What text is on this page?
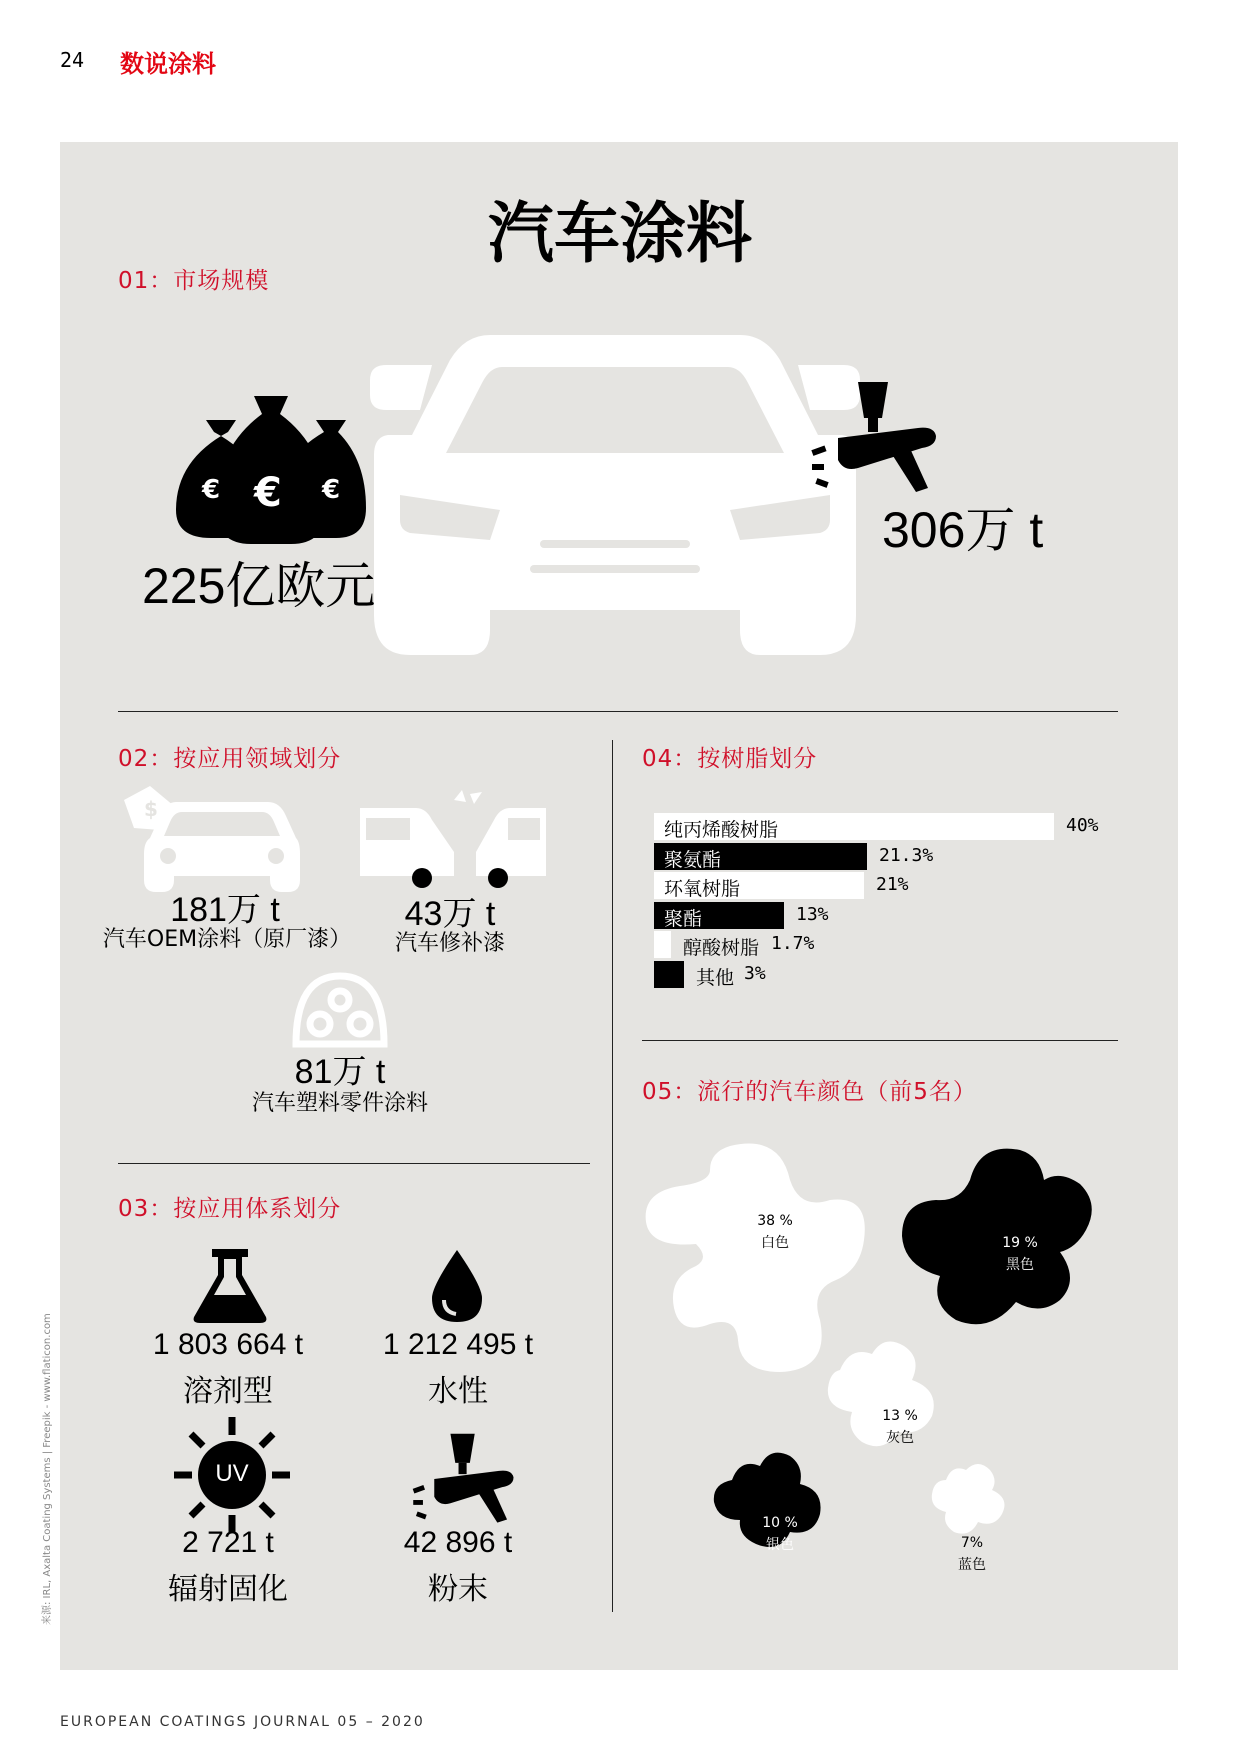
24 数说涂料
汽车涂料
01：市场规模
€ € €
225亿欧元
306万 t
02：按应用领域划分
$
181万 t
汽车OEM涂料（原厂漆）
43万 t
汽车修补漆
81万 t
汽车塑料零件涂料
03：按应用体系划分
1 803 664 t
溶剂型
1 212 495 t
水性
UV
2 721 t
辐射固化
42 896 t
粉末
04：按树脂划分
纯丙烯酸树脂	40%
聚氨酯	21.3%
环氧树脂	21%
聚酯	13%
醇酸树脂 1.7%
其他 3%
05：流行的汽车颜色（前5名）
38 %
白色	19 %
黑色
13 %
灰色
10 %
银色	7%
蓝色
来源: IRL, Axalta Coating Systems | Freepik - www.flaticon.com
EUROPEAN COATINGS JOURNAL 05 – 2020
